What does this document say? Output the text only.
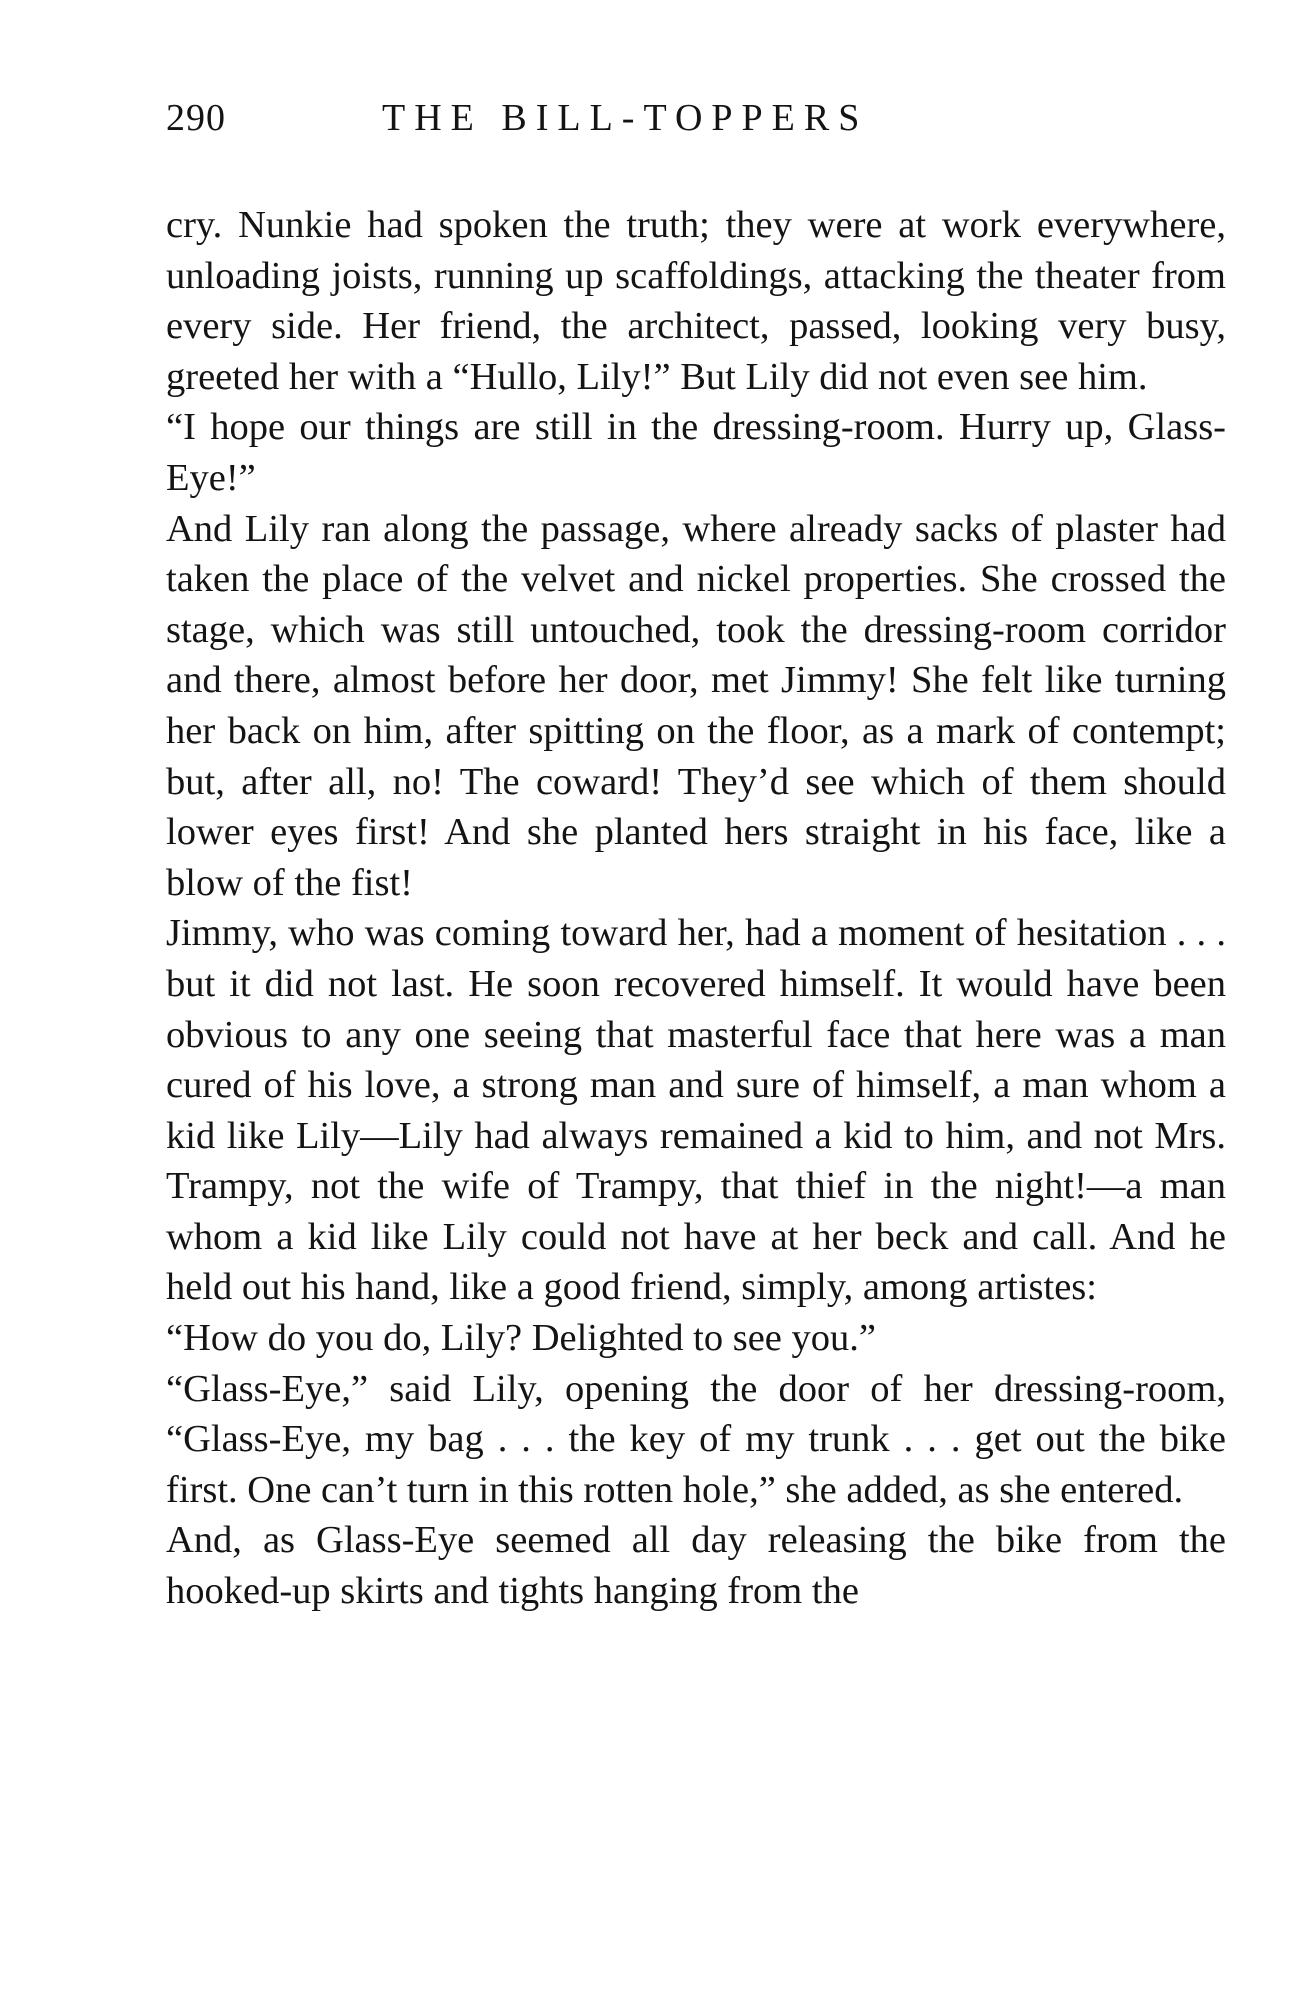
290	THE BILL-TOPPERS

cry. Nunkie had spoken the truth; they were at work everywhere, unloading joists, running up scaffoldings, attacking the theater from every side. Her friend, the architect, passed, looking very busy, greeted her with a “Hullo, Lily!” But Lily did not even see him.

“I hope our things are still in the dressing-room. Hurry up, Glass-Eye!”

And Lily ran along the passage, where already sacks of plaster had taken the place of the velvet and nickel properties. She crossed the stage, which was still untouched, took the dressing-room corridor and there, almost before her door, met Jimmy! She felt like turning her back on him, after spitting on the floor, as a mark of contempt; but, after all, no! The coward! They’d see which of them should lower eyes first! And she planted hers straight in his face, like a blow of the fist!

Jimmy, who was coming toward her, had a moment of hesitation . . . but it did not last. He soon recovered himself. It would have been obvious to any one seeing that masterful face that here was a man cured of his love, a strong man and sure of himself, a man whom a kid like Lily—Lily had always remained a kid to him, and not Mrs. Trampy, not the wife of Trampy, that thief in the night!—a man whom a kid like Lily could not have at her beck and call. And he held out his hand, like a good friend, simply, among artistes:

“How do you do, Lily? Delighted to see you.”

“Glass-Eye,” said Lily, opening the door of her dressing-room, “Glass-Eye, my bag . . . the key of my trunk . . . get out the bike first. One can’t turn in this rotten hole,” she added, as she entered.

And, as Glass-Eye seemed all day releasing the bike from the hooked-up skirts and tights hanging from the
